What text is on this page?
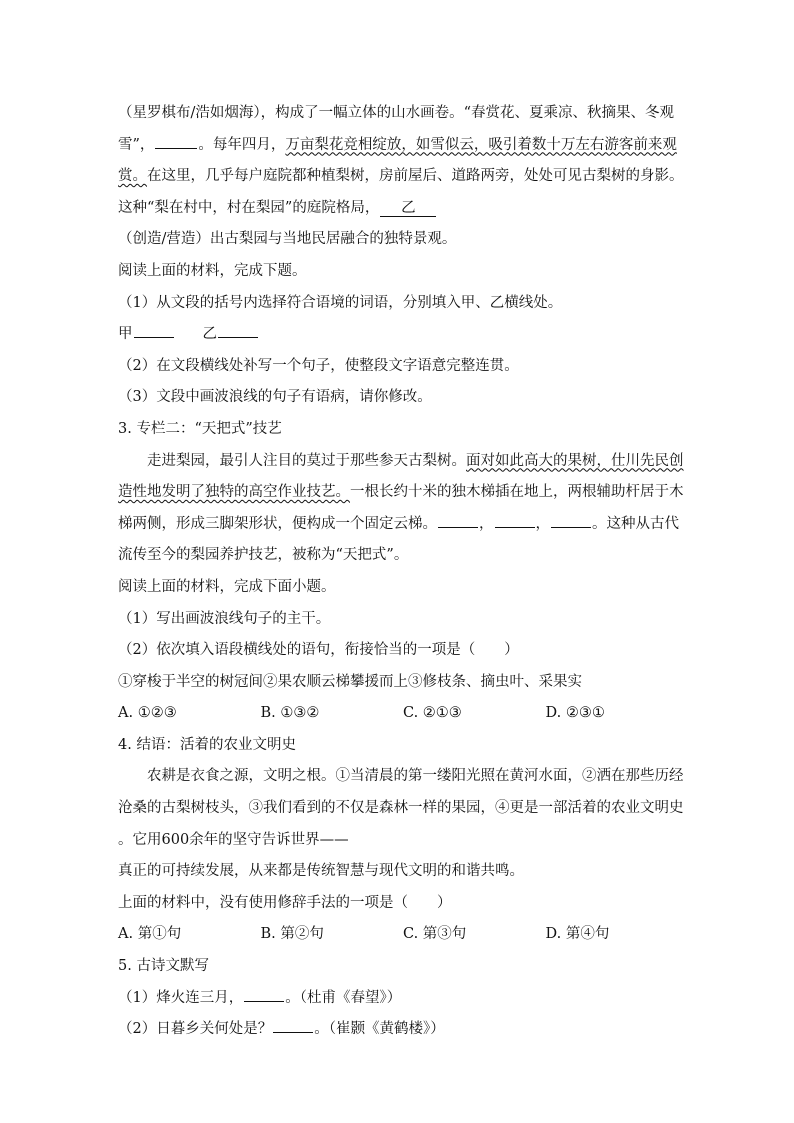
（星罗棋布/浩如烟海），构成了一幅立体的山水画卷。“春赏花、夏乘凉、秋摘果、冬观
雪”，	。每年四月，万亩梨花竞相绽放，如雪似云，吸引着数十万左右游客前来观
赏。在这里，几乎每户庭院都种植梨树，房前屋后、道路两旁，处处可见古梨树的身影。
这种“梨在村中，村在梨园”的庭院格局， 乙
（创造/营造）出古梨园与当地民居融合的独特景观。
阅读上面的材料，完成下题。
（1）从文段的括号内选择符合语境的词语，分别填入甲、乙横线处。
甲	乙
（2）在文段横线处补写一个句子，使整段文字语意完整连贯。
（3）文段中画波浪线的句子有语病，请你修改。
3. 专栏二：“天把式”技艺
走进梨园，最引人注目的莫过于那些参天古梨树。面对如此高大的果树，仕川先民创
造性地发明了独特的高空作业技艺。一根长约十米的独木梯插在地上，两根辅助杆居于木
梯两侧，形成三脚架形状，便构成一个固定云梯。	，	，	。这种从古代
流传至今的梨园养护技艺，被称为“天把式”。
阅读上面的材料，完成下面小题。
（1）写出画波浪线句子的主干。
（2）依次填入语段横线处的语句，衔接恰当的一项是（　　）
①穿梭于半空的树冠间②果农顺云梯攀援而上③修枝条、摘虫叶、采果实
A. ①②③	B. ①③②	C. ②①③	D. ②③①
4. 结语：活着的农业文明史
农耕是衣食之源，文明之根。①当清晨的第一缕阳光照在黄河水面，②洒在那些历经
沧桑的古梨树枝头，③我们看到的不仅是森林一样的果园，④更是一部活着的农业文明史
。它用600余年的坚守告诉世界——
真正的可持续发展，从来都是传统智慧与现代文明的和谐共鸣。
上面的材料中，没有使用修辞手法的一项是（　　）
A. 第①句	B. 第②句	C. 第③句	D. 第④句
5. 古诗文默写
（1）烽火连三月，	。（杜甫《春望》）
（2）日暮乡关何处是？	。（崔颢《黄鹤楼》）
